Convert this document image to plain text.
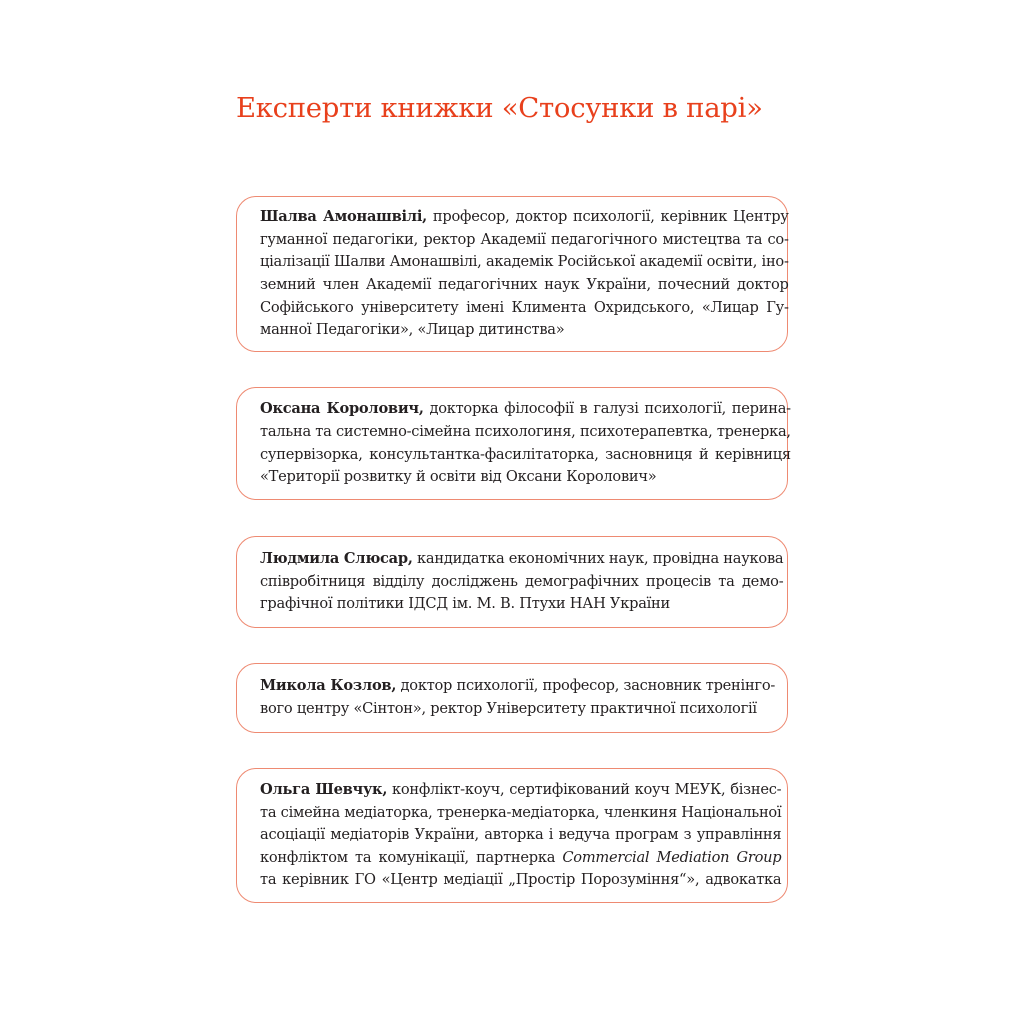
Експерти книжки «Стосунки в парі»

Шалва Амонашвілі, професор, доктор психології, керівник Центру
гуманної педагогіки, ректор Академії педагогічного мистецтва та со-
ціалізації Шалви Амонашвілі, академік Російської академії освіти, іно-
земний член Академії педагогічних наук України, почесний доктор
Софійського університету імені Климента Охридського, «Лицар Гу-
манної Педагогіки», «Лицар дитинства»

Оксана Королович, докторка філософії в галузі психології, перина-
тальна та системно-сімейна психологиня, психотерапевтка, тренерка,
супервізорка, консультантка-фасилітаторка, засновниця й керівниця
«Території розвитку й освіти від Оксани Королович»

Людмила Слюсар, кандидатка економічних наук, провідна наукова
співробітниця відділу досліджень демографічних процесів та демо-
графічної політики ІДСД ім. М. В. Птухи НАН України

Микола Козлов, доктор психології, професор, засновник тренінго-
вого центру «Сінтон», ректор Університету практичної психології

Ольга Шевчук, конфлікт-коуч, сертифікований коуч МЕУК, бізнес-
та сімейна медіаторка, тренерка-медіаторка, членкиня Національної
асоціації медіаторів України, авторка і ведуча програм з управління
конфліктом та комунікації, партнерка Commercial Mediation Group
та керівник ГО «Центр медіації „Простір Порозуміння“», адвокатка
